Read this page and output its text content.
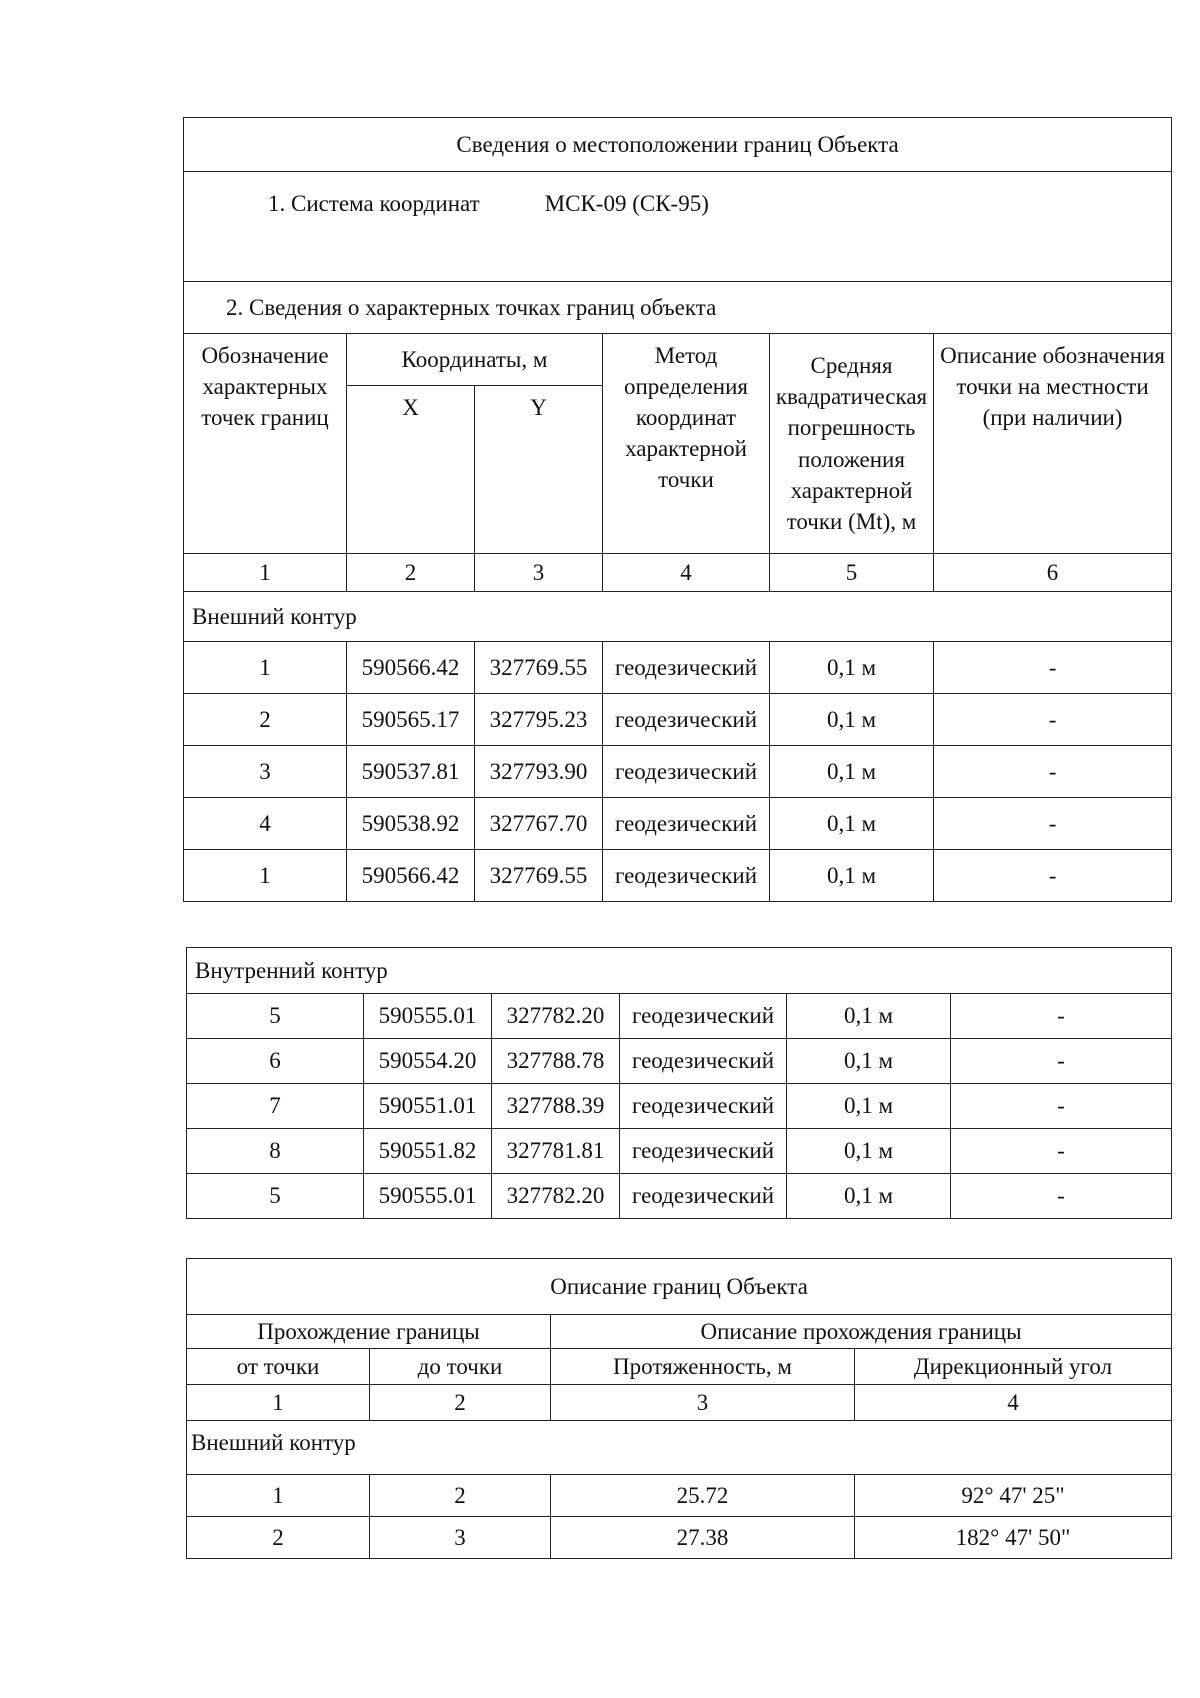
Сведения о местоположении границ Объекта					
1. Система координат МСК-09 (СК-95)					
2. Сведения о характерных точках границ объекта					

Обозначение характерных точек границ	Координаты, м		Метод определения координат характерной точки	Средняя квадратическая погрешность положения характерной точки (Mt), м	Описание обозначения точки на местности (при наличии)

	X	Y			

1	2	3	4	5	6
Внешний контур					
1	590566.42	327769.55	геодезический	0,1 м	-
2	590565.17	327795.23	геодезический	0,1 м	-
3	590537.81	327793.90	геодезический	0,1 м	-
4	590538.92	327767.70	геодезический	0,1 м	-
1	590566.42	327769.55	геодезический	0,1 м	-
Внутренний контур					
5	590555.01	327782.20	геодезический	0,1 м	-
6	590554.20	327788.78	геодезический	0,1 м	-
7	590551.01	327788.39	геодезический	0,1 м	-
8	590551.82	327781.81	геодезический	0,1 м	-
5	590555.01	327782.20	геодезический	0,1 м	-
Описание границ Объекта			
Прохождение границы		Описание прохождения границы	
от точки	до точки	Протяженность, м	Дирекционный угол
1	2	3	4
Внешний контур			
1	2	25.72	92° 47' 25"
2	3	27.38	182° 47' 50"
